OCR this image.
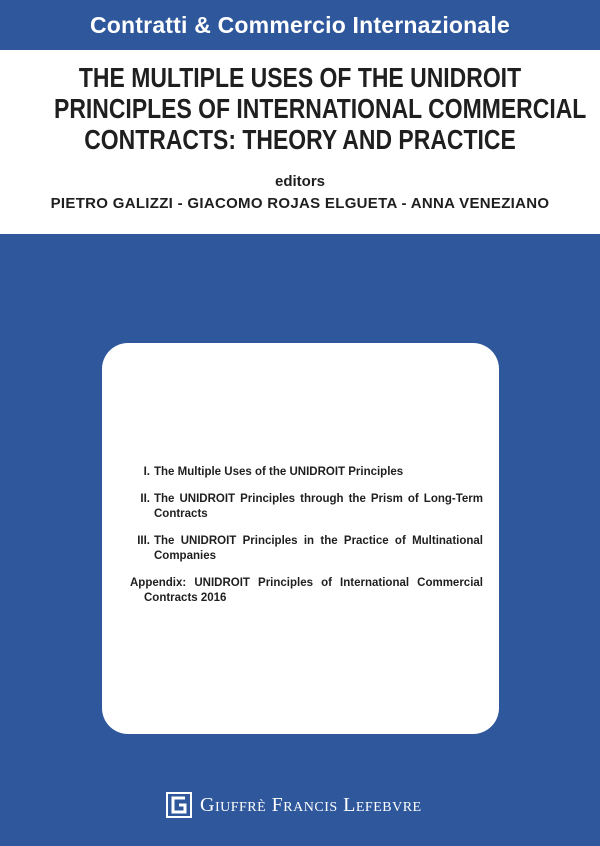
Contratti & Commercio Internazionale
THE MULTIPLE USES OF THE UNIDROIT
PRINCIPLES OF INTERNATIONAL COMMERCIAL
CONTRACTS: THEORY AND PRACTICE
editors
PIETRO GALIZZI - GIACOMO ROJAS ELGUETA - ANNA VENEZIANO
I. The Multiple Uses of the UNIDROIT Principles
II. The UNIDROIT Principles through the Prism of Long-Term Contracts
III. The UNIDROIT Principles in the Practice of Multinational Companies
Appendix: UNIDROIT Principles of International Commercial Contracts 2016
Giuffrè Francis Lefebvre
